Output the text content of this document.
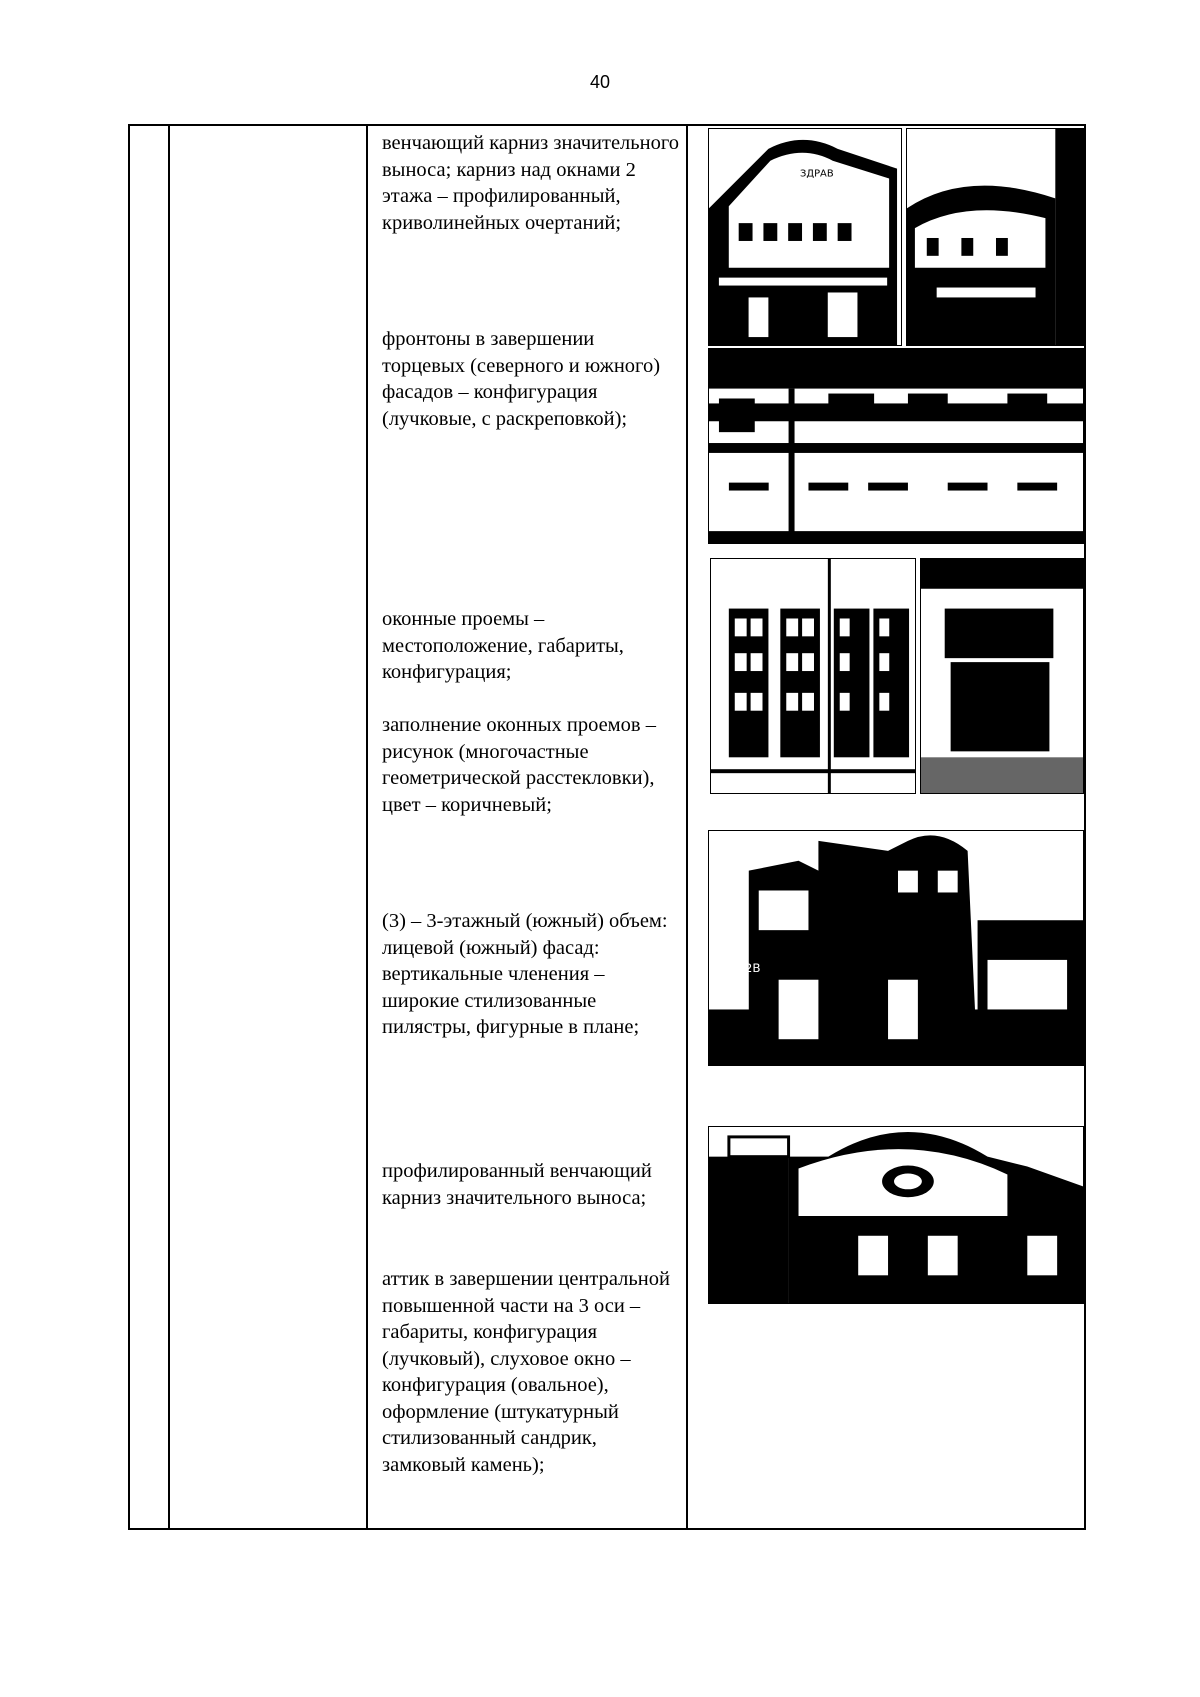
40
венчающий карниз значительного выноса; карниз над окнами 2 этажа – профилированный, криволинейных очертаний;
фронтоны в завершении торцевых (северного и южного) фасадов – конфигурация (лучковые, с раскреповкой);
оконные проемы – местоположение, габариты, конфигурация;
заполнение оконных проемов – рисунок (многочастные геометрической расстекловки), цвет – коричневый;
(3) – 3-этажный (южный) объем: лицевой (южный) фасад: вертикальные членения – широкие стилизованные пилястры, фигурные в плане;
профилированный венчающий карниз значительного выноса;
аттик в завершении центральной повышенной части на 3 оси – габариты, конфигурация (лучковый), слуховое окно – конфигурация (овальное), оформление (штукатурный стилизованный сандрик, замковый камень);
ЗДРАВ
2В
